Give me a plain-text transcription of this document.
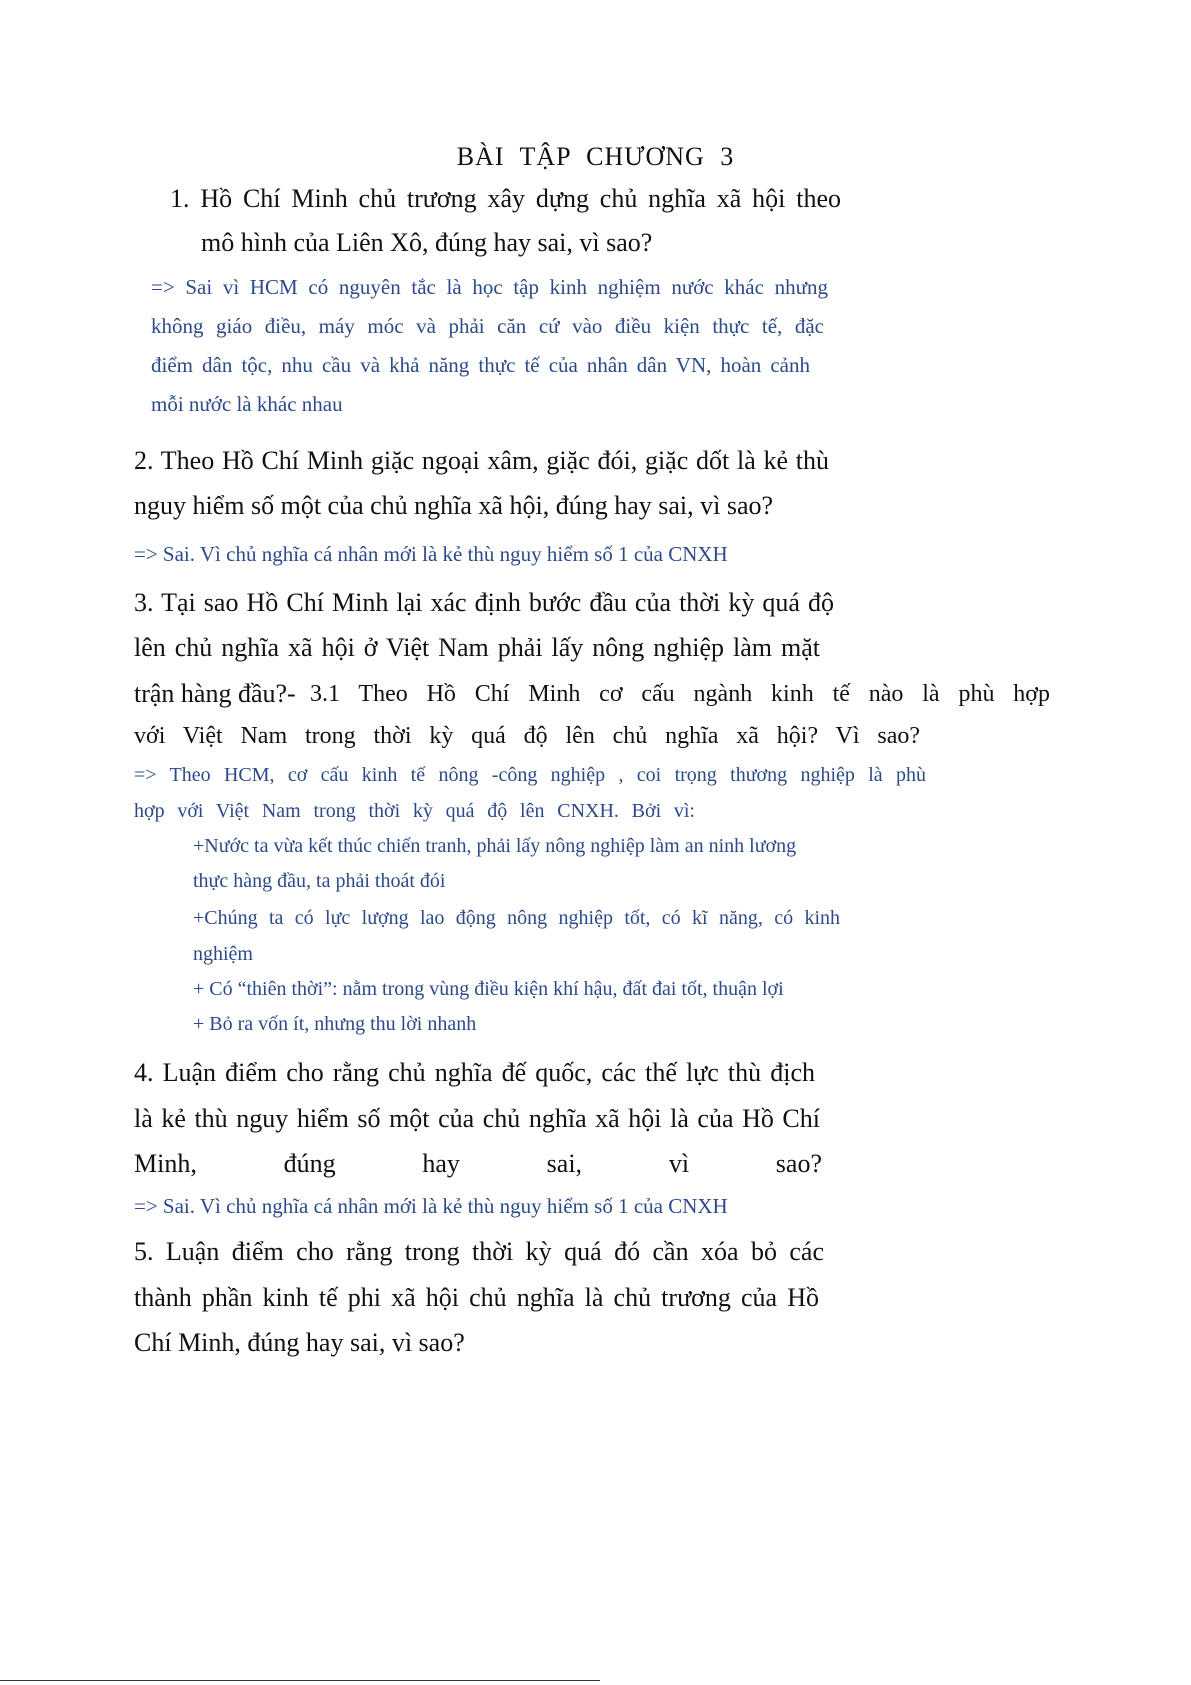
BÀI TẬP CHƯƠNG 3
1. Hồ Chí Minh chủ trương xây dựng chủ nghĩa xã hội theo
mô hình của Liên Xô, đúng hay sai, vì sao?
=> Sai vì HCM có nguyên tắc là học tập kinh nghiệm nước khác nhưng
không giáo điều, máy móc và phải căn cứ vào điều kiện thực tế, đặc
điểm dân tộc, nhu cầu và khả năng thực tế của nhân dân VN, hoàn cảnh
mỗi nước là khác nhau
2. Theo Hồ Chí Minh giặc ngoại xâm, giặc đói, giặc dốt là kẻ thù
nguy hiểm số một của chủ nghĩa xã hội, đúng hay sai, vì sao?
=> Sai. Vì chủ nghĩa cá nhân mới là kẻ thù nguy hiểm số 1 của CNXH
3. Tại sao Hồ Chí Minh lại xác định bước đầu của thời kỳ quá độ
lên chủ nghĩa xã hội ở Việt Nam phải lấy nông nghiệp làm mặt
trận hàng đầu?- 3.1 Theo Hồ Chí Minh cơ cấu ngành kinh tế nào là phù hợp
với Việt Nam trong thời kỳ quá độ lên chủ nghĩa xã hội? Vì sao?
=> Theo HCM, cơ cấu kinh tế nông -công nghiệp , coi trọng thương nghiệp là phù
hợp với Việt Nam trong thời kỳ quá độ lên CNXH. Bởi vì:
+Nước ta vừa kết thúc chiến tranh, phải lấy nông nghiệp làm an ninh lương
thực hàng đầu, ta phải thoát đói
+Chúng ta có lực lượng lao động nông nghiệp tốt, có kĩ năng, có kinh
nghiệm
+ Có “thiên thời”: nằm trong vùng điều kiện khí hậu, đất đai tốt, thuận lợi
+ Bỏ ra vốn ít, nhưng thu lời nhanh
4. Luận điểm cho rằng chủ nghĩa đế quốc, các thế lực thù địch
là kẻ thù nguy hiểm số một của chủ nghĩa xã hội là của Hồ Chí
Minh, đúng hay sai, vì sao?
=> Sai. Vì chủ nghĩa cá nhân mới là kẻ thù nguy hiểm số 1 của CNXH
5. Luận điểm cho rằng trong thời kỳ quá đó cần xóa bỏ các
thành phần kinh tế phi xã hội chủ nghĩa là chủ trương của Hồ
Chí Minh, đúng hay sai, vì sao?
